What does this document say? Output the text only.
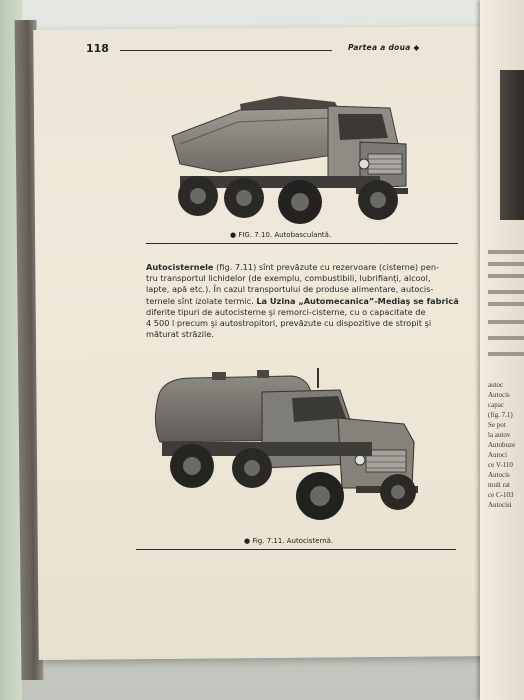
autoc
Autocis
capac
(fig. 7.1)
Se pot
la autov
Autobuze
Autoci
ce V-110
Autocis
mult rat
ce C-103
Autocisi
118	Partea a doua ◆
● FIG. 7.10. Autobasculantă.
Autocisternele (fig. 7.11) sînt prevăzute cu rezervoare (cisterne) pen-
tru transportul lichidelor (de exemplu, combustibili, lubrifianți, alcool,
lapte, apă etc.). În cazul transportului de produse alimentare, autocis-
ternele sînt izolate termic. La Uzina „Automecanica”-Mediaş se fabrică
diferite tipuri de autocisterne şi remorci-cisterne, cu o capacitate de
4 500 l precum şi autostropitori, prevăzute cu dispozitive de stropit şi
măturat străzile.
● Fig. 7.11. Autocisternă.
